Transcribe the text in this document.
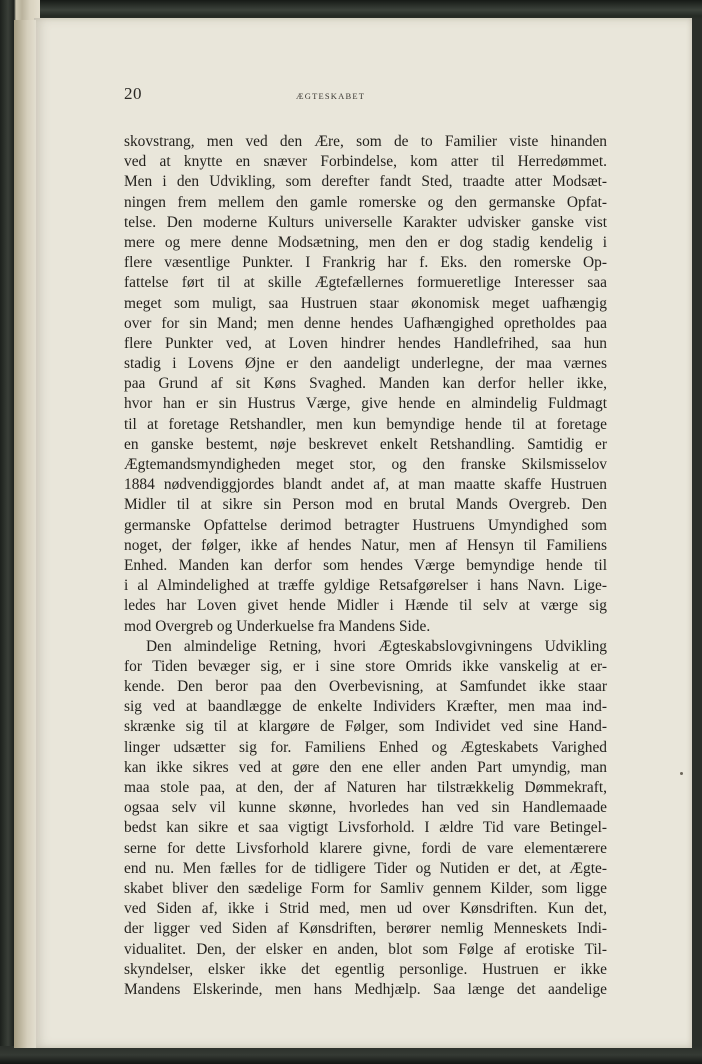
20	ÆGTESKABET
skovstrang, men ved den Ære, som de to Familier viste hinanden
ved at knytte en snæver Forbindelse, kom atter til Herredømmet.
Men i den Udvikling, som derefter fandt Sted, traadte atter Modsæt-
ningen frem mellem den gamle romerske og den germanske Opfat-
telse. Den moderne Kulturs universelle Karakter udvisker ganske vist
mere og mere denne Modsætning, men den er dog stadig kendelig i
flere væsentlige Punkter. I Frankrig har f. Eks. den romerske Op-
fattelse ført til at skille Ægtefællernes formueretlige Interesser saa
meget som muligt, saa Hustruen staar økonomisk meget uafhængig
over for sin Mand; men denne hendes Uafhængighed opretholdes paa
flere Punkter ved, at Loven hindrer hendes Handlefrihed, saa hun
stadig i Lovens Øjne er den aandeligt underlegne, der maa værnes
paa Grund af sit Køns Svaghed. Manden kan derfor heller ikke,
hvor han er sin Hustrus Værge, give hende en almindelig Fuldmagt
til at foretage Retshandler, men kun bemyndige hende til at foretage
en ganske bestemt, nøje beskrevet enkelt Retshandling. Samtidig er
Ægtemandsmyndigheden meget stor, og den franske Skilsmisselov
1884 nødvendiggjordes blandt andet af, at man maatte skaffe Hustruen
Midler til at sikre sin Person mod en brutal Mands Overgreb. Den
germanske Opfattelse derimod betragter Hustruens Umyndighed som
noget, der følger, ikke af hendes Natur, men af Hensyn til Familiens
Enhed. Manden kan derfor som hendes Værge bemyndige hende til
i al Almindelighed at træffe gyldige Retsafgørelser i hans Navn. Lige-
ledes har Loven givet hende Midler i Hænde til selv at værge sig
mod Overgreb og Underkuelse fra Mandens Side.
Den almindelige Retning, hvori Ægteskabslovgivningens Udvikling
for Tiden bevæger sig, er i sine store Omrids ikke vanskelig at er-
kende. Den beror paa den Overbevisning, at Samfundet ikke staar
sig ved at baandlægge de enkelte Individers Kræfter, men maa ind-
skrænke sig til at klargøre de Følger, som Individet ved sine Hand-
linger udsætter sig for. Familiens Enhed og Ægteskabets Varighed
kan ikke sikres ved at gøre den ene eller anden Part umyndig, man
maa stole paa, at den, der af Naturen har tilstrækkelig Dømmekraft,
ogsaa selv vil kunne skønne, hvorledes han ved sin Handlemaade
bedst kan sikre et saa vigtigt Livsforhold. I ældre Tid vare Betingel-
serne for dette Livsforhold klarere givne, fordi de vare elementærere
end nu. Men fælles for de tidligere Tider og Nutiden er det, at Ægte-
skabet bliver den sædelige Form for Samliv gennem Kilder, som ligge
ved Siden af, ikke i Strid med, men ud over Kønsdriften. Kun det,
der ligger ved Siden af Kønsdriften, berører nemlig Menneskets Indi-
vidualitet. Den, der elsker en anden, blot som Følge af erotiske Til-
skyndelser, elsker ikke det egentlig personlige. Hustruen er ikke
Mandens Elskerinde, men hans Medhjælp. Saa længe det aandelige
